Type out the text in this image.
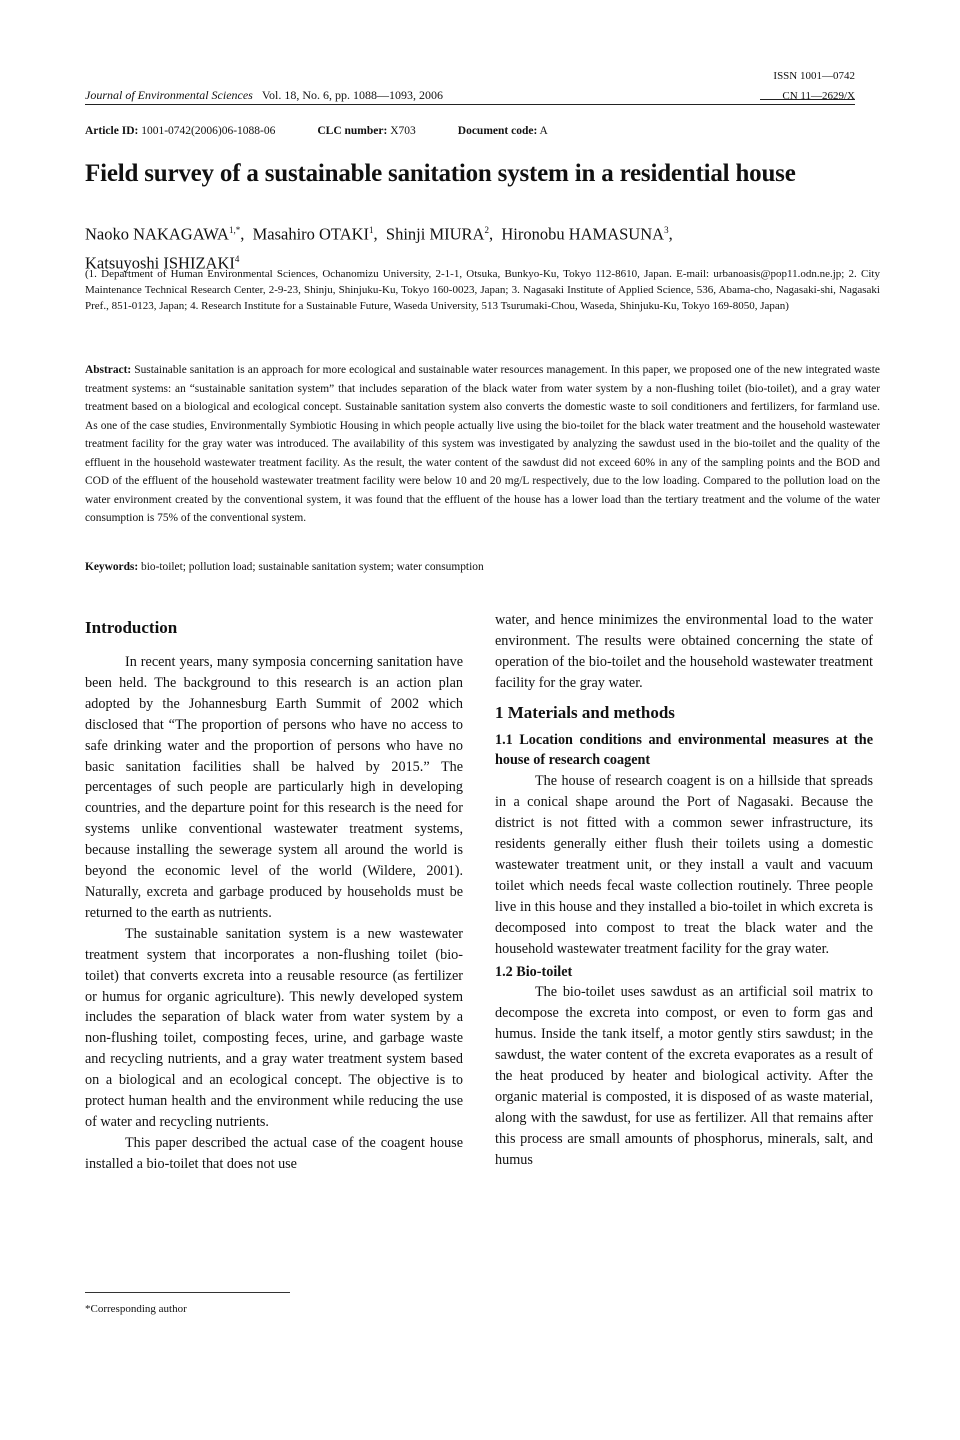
ISSN 1001—0742
CN 11—2629/X
Journal of Environmental Sciences Vol. 18, No. 6, pp. 1088—1093, 2006
Article ID: 1001-0742(2006)06-1088-06	CLC number: X703	Document code: A
Field survey of a sustainable sanitation system in a residential house
Naoko $NAKAGAWA^{1,*}$,  Masahiro OTAKI$^1$,  Shinji MIURA$^2$,  Hironobu HAMASUNA$^3$,
Katsuyoshi ISHIZAKI$^4$
(1. Department of Human Environmental Sciences, Ochanomizu University, 2-1-1, Otsuka, Bunkyo-Ku, Tokyo 112-8610, Japan. E-mail: urbanoasis@pop11.odn.ne.jp; 2. City Maintenance Technical Research Center, 2-9-23, Shinju, Shinjuku-Ku, Tokyo 160-0023, Japan; 3. Nagasaki Institute of Applied Science, 536, Abama-cho, Nagasaki-shi, Nagasaki Pref., 851-0123, Japan; 4. Research Institute for a Sustainable Future, Waseda University, 513 Tsurumaki-Chou, Waseda, Shinjuku-Ku, Tokyo 169-8050, Japan)
Abstract: Sustainable sanitation is an approach for more ecological and sustainable water resources management. In this paper, we proposed one of the new integrated waste treatment systems: an “sustainable sanitation system” that includes separation of the black water from water system by a non-flushing toilet (bio-toilet), and a gray water treatment based on a biological and ecological concept. Sustainable sanitation system also converts the domestic waste to soil conditioners and fertilizers, for farmland use. As one of the case studies, Environmentally Symbiotic Housing in which people actually live using the bio-toilet for the black water treatment and the household wastewater treatment facility for the gray water was introduced. The availability of this system was investigated by analyzing the sawdust used in the bio-toilet and the quality of the effluent in the household wastewater treatment facility. As the result, the water content of the sawdust did not exceed 60% in any of the sampling points and the BOD and COD of the effluent of the household wastewater treatment facility were below 10 and 20 mg/L respectively, due to the low loading. Compared to the pollution load on the water environment created by the conventional system, it was found that the effluent of the house has a lower load than the tertiary treatment and the volume of the water consumption is 75% of the conventional system.
Keywords: bio-toilet; pollution load; sustainable sanitation system; water consumption
Introduction

In recent years, many symposia concerning sanitation have been held. The background to this research is an action plan adopted by the Johannesburg Earth Summit of 2002 which disclosed that “The proportion of persons who have no access to safe drinking water and the proportion of persons who have no basic sanitation facilities shall be halved by 2015.” The percentages of such people are particularly high in developing countries, and the departure point for this research is the need for systems unlike conventional wastewater treatment systems, because installing the sewerage system all around the world is beyond the economic level of the world (Wildere, 2001). Naturally, excreta and garbage produced by households must be returned to the earth as nutrients.

The sustainable sanitation system is a new wastewater treatment system that incorporates a non-flushing toilet (bio-toilet) that converts excreta into a reusable resource (as fertilizer or humus for organic agriculture). This newly developed system includes the separation of black water from water system by a non-flushing toilet, composting feces, urine, and garbage waste and recycling nutrients, and a gray water treatment system based on a biological and an ecological concept. The objective is to protect human health and the environment while reducing the use of water and recycling nutrients.

This paper described the actual case of the coagent house installed a bio-toilet that does not use

water, and hence minimizes the environmental load to the water environment. The results were obtained concerning the state of operation of the bio-toilet and the household wastewater treatment facility for the gray water.

1 Materials and methods
1.1 Location conditions and environmental measures at the house of research coagent

The house of research coagent is on a hillside that spreads in a conical shape around the Port of Nagasaki. Because the district is not fitted with a common sewer infrastructure, its residents generally either flush their toilets using a domestic wastewater treatment unit, or they install a vault and vacuum toilet which needs fecal waste collection routinely. Three people live in this house and they installed a bio-toilet in which excreta is decomposed into compost to treat the black water and the household wastewater treatment facility for the gray water.

1.2 Bio-toilet

The bio-toilet uses sawdust as an artificial soil matrix to decompose the excreta into compost, or even to form gas and humus. Inside the tank itself, a motor gently stirs sawdust; in the sawdust, the water content of the excreta evaporates as a result of the heat produced by heater and biological activity. After the organic material is composted, it is disposed of as waste material, along with the sawdust, for use as fertilizer. All that remains after this process are small amounts of phosphorus, minerals, salt, and humus

*Corresponding author
